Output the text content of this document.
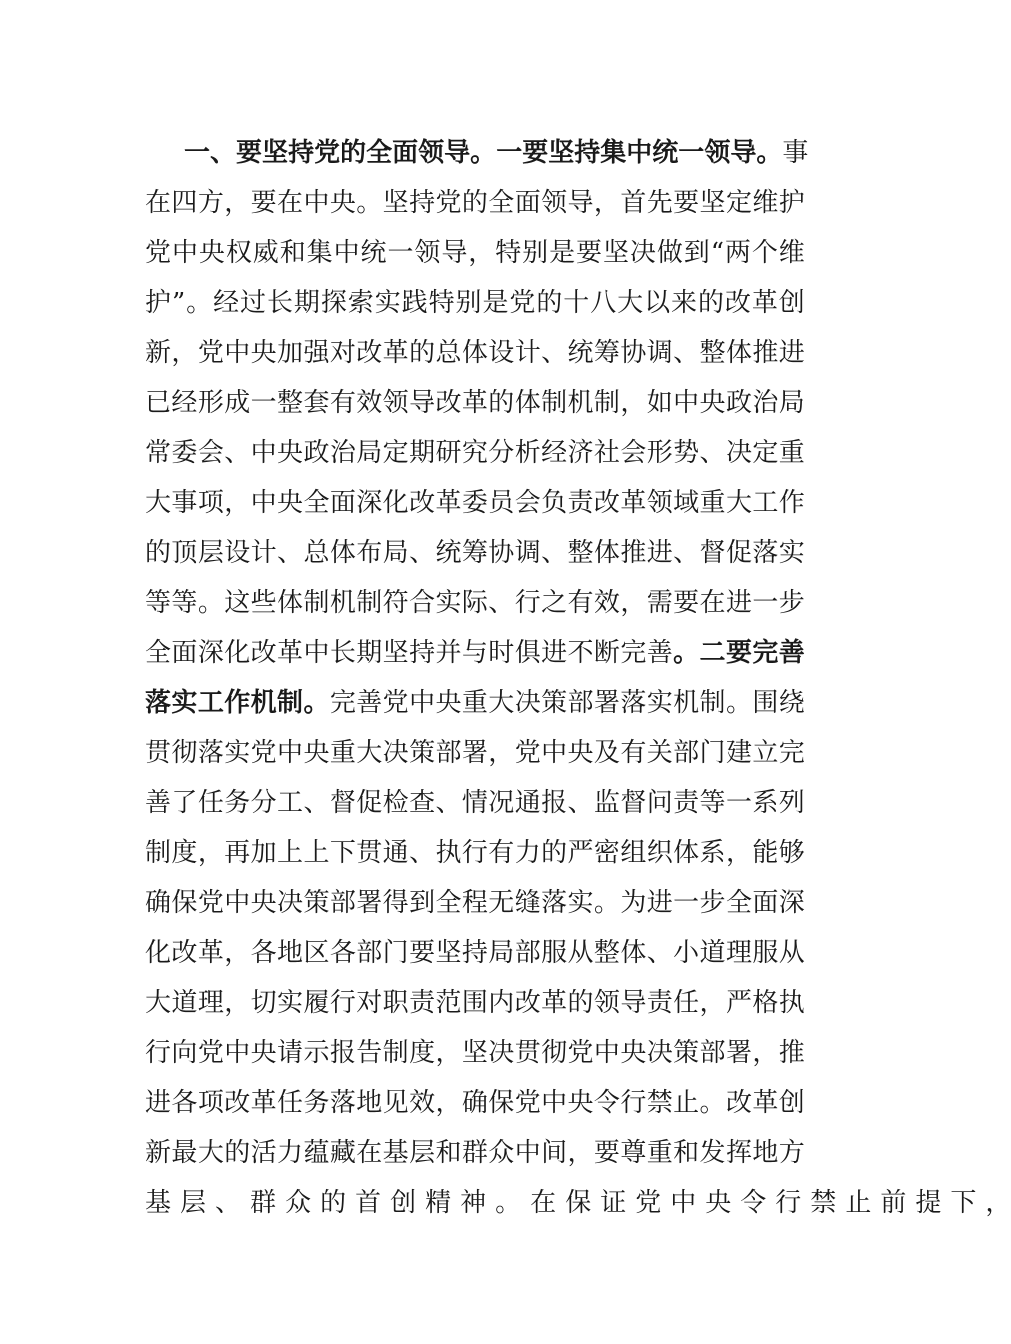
一 、 要 坚 持 党 的 全 面 领 导 。 一 要 坚 持 集 中 统 一 领 导 。 事
在 四 方 ， 要 在 中 央 。 坚 持 党 的 全 面 领 导 ， 首 先 要 坚 定 维 护
党 中 央 权 威 和 集 中 统 一 领 导 ， 特 别 是 要 坚 决 做 到 “ 两 个 维
护 ” 。 经 过 长 期 探 索 实 践 特 别 是 党 的 十 八 大 以 来 的 改 革 创
新 ， 党 中 央 加 强 对 改 革 的 总 体 设 计 、 统 筹 协 调 、 整 体 推 进
已 经 形 成 一 整 套 有 效 领 导 改 革 的 体 制 机 制 ， 如 中 央 政 治 局
常 委 会 、 中 央 政 治 局 定 期 研 究 分 析 经 济 社 会 形 势 、 决 定 重
大 事 项 ， 中 央 全 面 深 化 改 革 委 员 会 负 责 改 革 领 域 重 大 工 作
的 顶 层 设 计 、 总 体 布 局 、 统 筹 协 调 、 整 体 推 进 、 督 促 落 实
等 等 。 这 些 体 制 机 制 符 合 实 际 、 行 之 有 效 ， 需 要 在 进 一 步
全 面 深 化 改 革 中 长 期 坚 持 并 与 时 俱 进 不 断 完 善 。 二 要 完 善
落 实 工 作 机 制 。 完 善 党 中 央 重 大 决 策 部 署 落 实 机 制 。 围 绕
贯 彻 落 实 党 中 央 重 大 决 策 部 署 ， 党 中 央 及 有 关 部 门 建 立 完
善 了 任 务 分 工 、 督 促 检 查 、 情 况 通 报 、 监 督 问 责 等 一 系 列
制 度 ， 再 加 上 上 下 贯 通 、 执 行 有 力 的 严 密 组 织 体 系 ， 能 够
确 保 党 中 央 决 策 部 署 得 到 全 程 无 缝 落 实 。 为 进 一 步 全 面 深
化 改 革 ， 各 地 区 各 部 门 要 坚 持 局 部 服 从 整 体 、 小 道 理 服 从
大 道 理 ， 切 实 履 行 对 职 责 范 围 内 改 革 的 领 导 责 任 ， 严 格 执
行 向 党 中 央 请 示 报 告 制 度 ， 坚 决 贯 彻 党 中 央 决 策 部 署 ， 推
进 各 项 改 革 任 务 落 地 见 效 ， 确 保 党 中 央 令 行 禁 止 。 改 革 创
新 最 大 的 活 力 蕴 藏 在 基 层 和 群 众 中 间 ， 要 尊 重 和 发 挥 地 方
基 层 、 群 众 的 首 创 精 神 。 在 保 证 党 中 央 令 行 禁 止 前 提 下 ，
